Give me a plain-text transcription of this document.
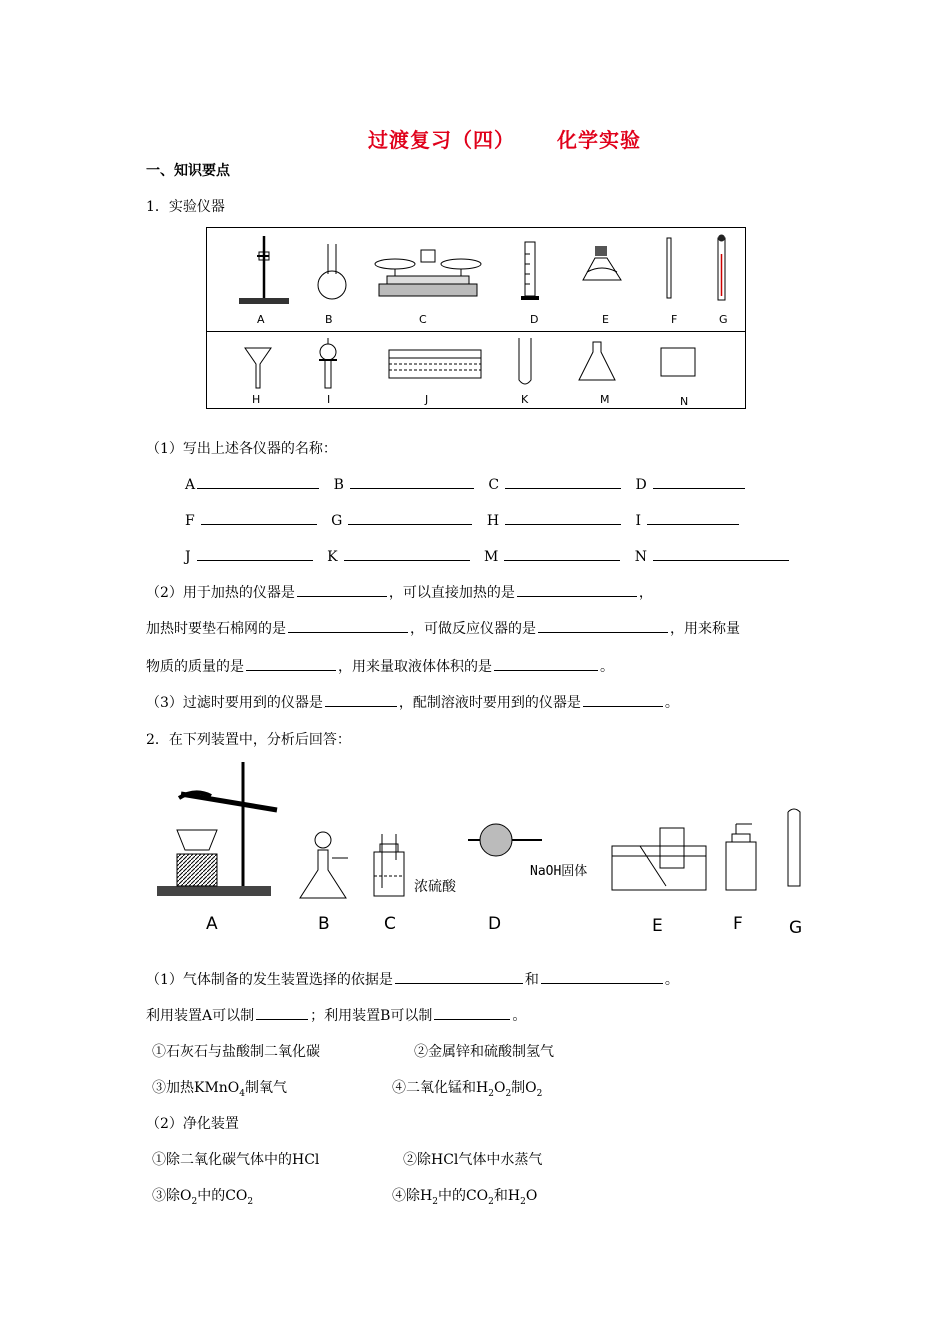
过渡复习（四） 化学实验
一、知识要点
1．实验仪器
A	B	C	D	E	F	G
H	I	J	K	M	N
（1）写出上述各仪器的名称：
A	B	C	D
F	G	H	I
J	K	M	N
（2）用于加热的仪器是	，可以直接加热的是	，
加热时要垫石棉网的是	，可做反应仪器的是	，用来称量
物质的质量的是	，用来量取液体体积的是	。
（3）过滤时要用到的仪器是	，配制溶液时要用到的仪器是	。
2．在下列装置中，分析后回答：
浓硫酸
NaOH固体
A	B	C	D	E	F	G
（1）气体制备的发生装置选择的依据是	和	。
利用装置A可以制	；利用装置B可以制	。
①石灰石与盐酸制二氧化碳	②金属锌和硫酸制氢气
③加热KMnO$_4$制氧气	④二氧化锰和$H_2O_2$制$O_2$
（2）净化装置
①除二氧化碳气体中的HCl	②除HCl气体中水蒸气
③除$O_2$中的$CO_2$	④除$H_2$中的$CO_2$和$H_2O$
